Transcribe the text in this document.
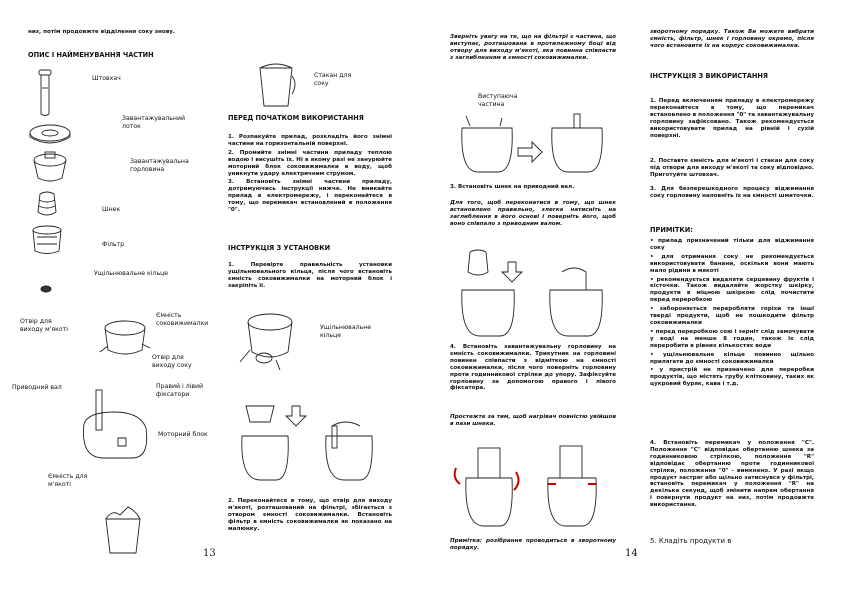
низ, потім продовжте відділення соку знову.
ОПИС І НАЙМЕНУВАННЯ ЧАСТИН
Штовхач
Завантажувальний лоток
Завантажувальна горловина
Шнек
Фільтр
Ущільнювальне кільце
Стакан для соку
Отвір для виходу м'якоті
Ємність соковижималки
Отвір для виходу соку
Приводний вал	Правий і лівий фіксатори
Моторний блок
Ємність для м'якоті
ПЕРЕД ПОЧАТКОМ ВИКОРИСТАННЯ

1. Розпакуйте прилад, розкладіть його знімні частини на горизонтальній поверхні.

2. Промийте знімні частини приладу теплою водою і висушіть їх. Ні в якому разі не занурюйте моторний блок соковижималки в воду, щоб уникнути удару електричним струмом.

3. Встановіть знімні частини приладу, дотримуючись інструкції нижче. Не вмикайте прилад в електромережу, і переконайтеся в тому, що перемикач встановлений в положення "0".

ІНСТРУКЦІЯ З УСТАНОВКИ
1. Перевірте правильність установки ущільнювального кільця, після чого встановіть ємність соковижималки на моторний блок і закріпіть її.
Ущільнювальне кільце
2. Переконайтеся в тому, що отвір для виходу м'якоті, розташований на фільтрі, збігається з отвором ємності соковижималки. Встановіть фільтр в ємність соковижималки як показано на малюнку.
13
Зверніть увагу на те, що на фільтрі є частина, що виступає, розташована в протилежному боці від отвору для виходу м'якоті, яка повинна співпасти з заглибленням в ємності соковижималки.
Виступаюча частина
3. Встановіть шнек на приводний вал.
Для того, щоб переконатися в тому, що шнек встановлено правильно, злегка натисніть на заглиблення в його основі і поверніть його, щоб воно співпало з приводним валом.
4. Встановіть завантажувальну горловину на ємність соковижималки. Трикутник на горловині повинен співпасти з відміткою на ємності соковижималки, після чого поверніть горловину проти годинникової стрілки до упору. Зафіксуйте горловину за допомогою правого і лівого фіксатора.
Простежте за тим, щоб нагрівач повністю увійшов в пази шнека.
Примітка: розібрання проводиться в зворотному порядку.
зворотному порядку. Також Ви можете вибрати ємність, фільтр, шнек і горловину окремо, після чого встановите їх на корпус соковижималки.
ІНСТРУКЦІЯ З ВИКОРИСТАННЯ
1. Перед включенням приладу в електромережу переконайтеся в тому, що перемикач встановлено в положення "0" та завантажувальну горловину зафіксовано. Також рекомендується використовувати прилад на рівній і сухій поверхні.
2. Поставте ємність для м'якоті і стакан для соку під отвори для виходу м'якоті та соку відповідно. Приготуйте штовхач.
3. Для безперешкодного процесу віджимання соку горловину наповніть їх на ємності шматочки.
ПРИМІТКИ:

• прилад призначений тільки для віджимання соку

• для отримання соку не рекомендується використовувати банани, оскільки вони мають мало рідини в мякоті

• рекомендується видаляти серцевину фруктів і кісточки. Також видаляйте жорстку шкірку, продукти в міцною шкіркою слід почистити перед переробкою

• забороняється переробляти горіхи та інші тверді продукти, щоб не пошкодити фільтр соковижималки

• перед переробкою сою і зерніт слід замочувати у воді на менше 8 годин, також їх слід переробити в рівних кількостях води

• ущільнювальне кільце повинно щільно прилягати до ємності соковижималки

• у пристрій не призначено для переробки продуктів, що містять грубу клітковину, таких як цукровий буряк, кава і т.д.

4. Встановіть перемикач у положення "C". Положення "C" відповідає обертанню шнека за годинниковою стрілкою, положення "R" відповідає обертанню проти годинникової стрілки, положення "0" - вимкнено. У разі якщо продукт застряг або щільно затиснувся у фільтрі, встановіть перемикач у положення "R" на декілька секунд, щоб змінити напрям обертання і повернути продукт на низ, потім продовжте використання.
5. Кладіть продукти в
14
